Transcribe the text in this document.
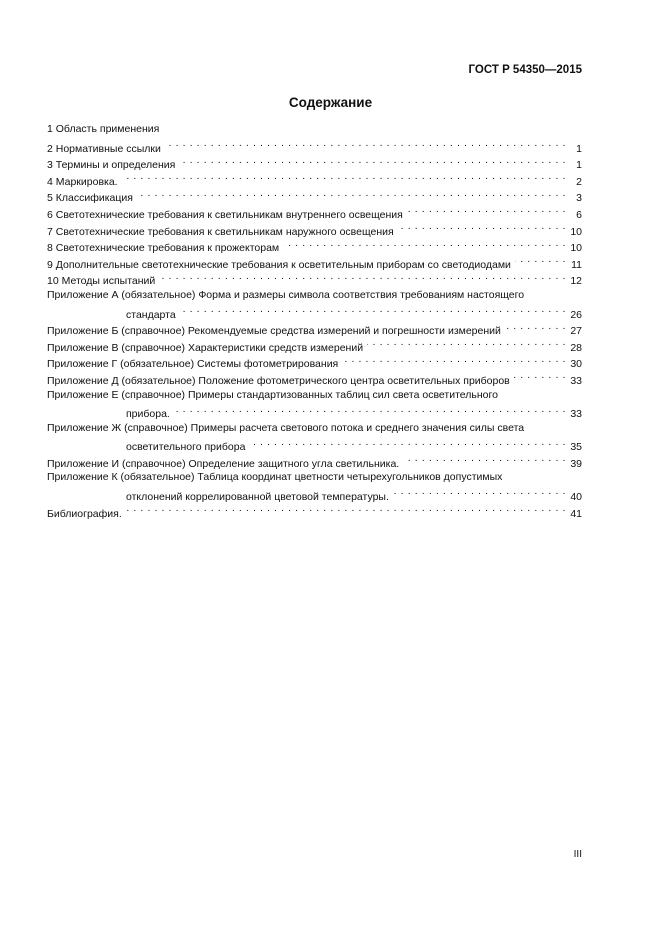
ГОСТ Р 54350—2015
Содержание
1 Область применения
2 Нормативные ссылки . . .	1
3 Термины и определения . . .	1
4 Маркировка. . . .	2
5 Классификация . . .	3
6 Светотехнические требования к светильникам внутреннего освещения . . .	6
7 Светотехнические требования к светильникам наружного освещения . . .	10
8 Светотехнические требования к прожекторам . . .	10
9 Дополнительные светотехнические требования к осветительным приборам со светодиодами . . .	11
10 Методы испытаний . . .	12
Приложение А (обязательное) Форма и размеры символа соответствия требованиям настоящего
стандарта . . .	26
Приложение Б (справочное) Рекомендуемые средства измерений и погрешности измерений . . .	27
Приложение В (справочное) Характеристики средств измерений . . .	28
Приложение Г (обязательное) Системы фотометрирования . . .	30
Приложение Д (обязательное) Положение фотометрического центра осветительных приборов . . .	33
Приложение Е (справочное) Примеры стандартизованных таблиц сил света осветительного
прибора. . . .	33
Приложение Ж (справочное) Примеры расчета светового потока и среднего значения силы света
осветительного прибора . . .	35
Приложение И (справочное) Определение защитного угла светильника. . . .	39
Приложение К (обязательное) Таблица координат цветности четырехугольников допустимых
отклонений коррелированной цветовой температуры. . . .	40
Библиография. . . .	41
III
